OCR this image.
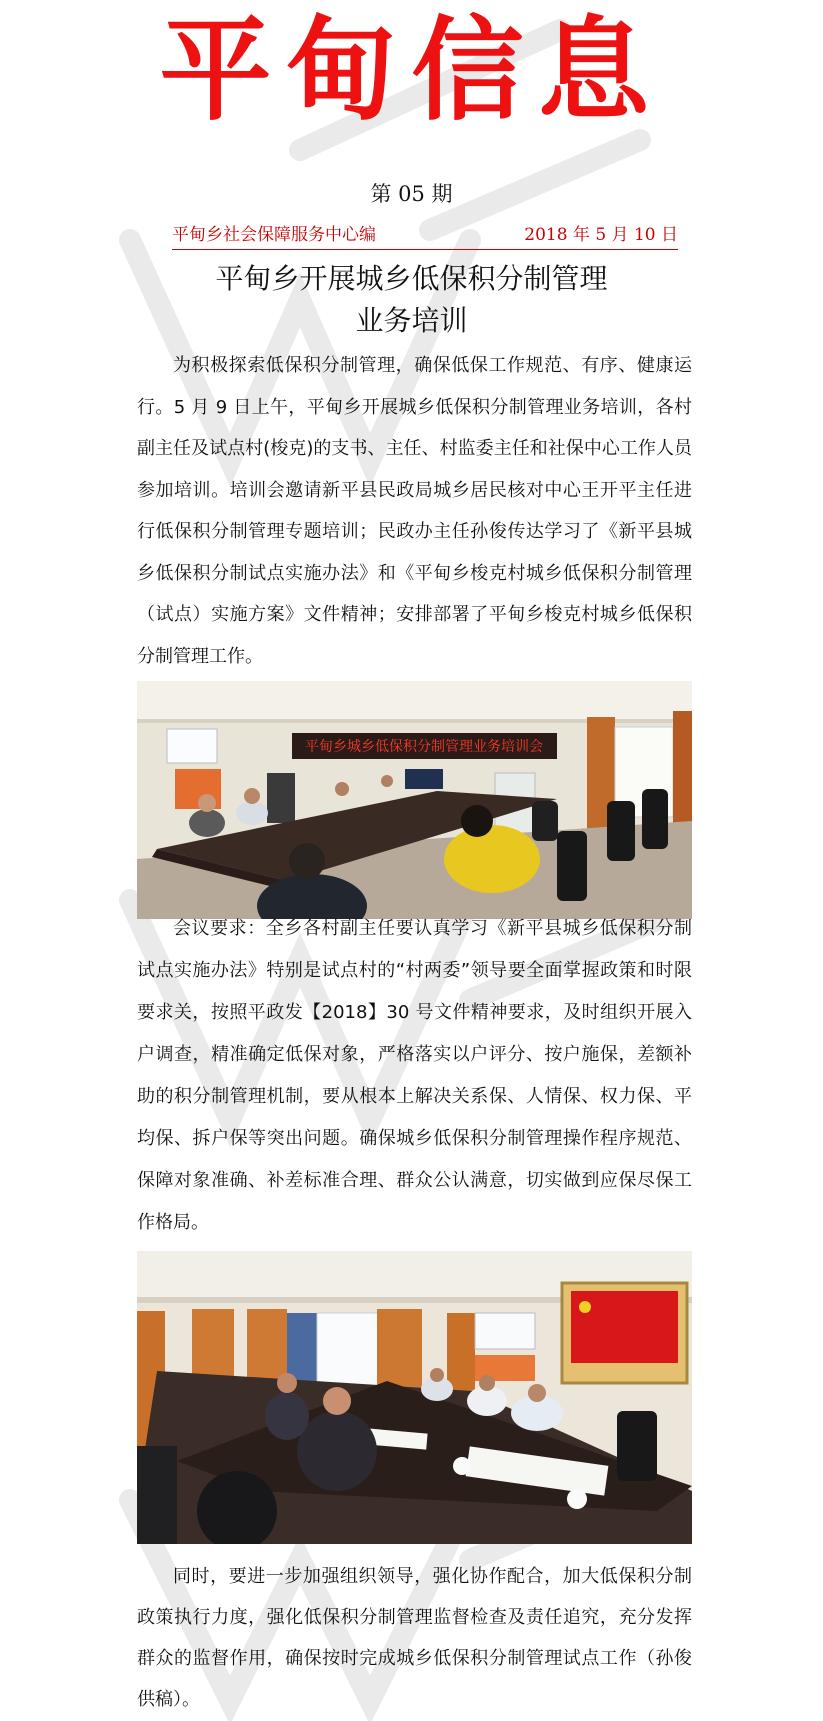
平甸信息
第 05 期
平甸乡社会保障服务中心编	2018 年 5 月 10 日
平甸乡开展城乡低保积分制管理
业务培训

为积极探索低保积分制管理，确保低保工作规范、有序、健康运行。5 月 9 日上午，平甸乡开展城乡低保积分制管理业务培训，各村副主任及试点村(梭克)的支书、主任、村监委主任和社保中心工作人员参加培训。培训会邀请新平县民政局城乡居民核对中心王开平主任进行低保积分制管理专题培训；民政办主任孙俊传达学习了《新平县城乡低保积分制试点实施办法》和《平甸乡梭克村城乡低保积分制管理（试点）实施方案》文件精神；安排部署了平甸乡梭克村城乡低保积分制管理工作。

平甸乡城乡低保积分制管理业务培训会

会议要求：全乡各村副主任要认真学习《新平县城乡低保积分制试点实施办法》特别是试点村的“村两委”领导要全面掌握政策和时限要求关，按照平政发【2018】30 号文件精神要求，及时组织开展入户调查，精准确定低保对象，严格落实以户评分、按户施保，差额补助的积分制管理机制，要从根本上解决关系保、人情保、权力保、平均保、拆户保等突出问题。确保城乡低保积分制管理操作程序规范、保障对象准确、补差标准合理、群众公认满意，切实做到应保尽保工作格局。

同时，要进一步加强组织领导，强化协作配合，加大低保积分制政策执行力度，强化低保积分制管理监督检查及责任追究，充分发挥群众的监督作用，确保按时完成城乡低保积分制管理试点工作（孙俊供稿）。
